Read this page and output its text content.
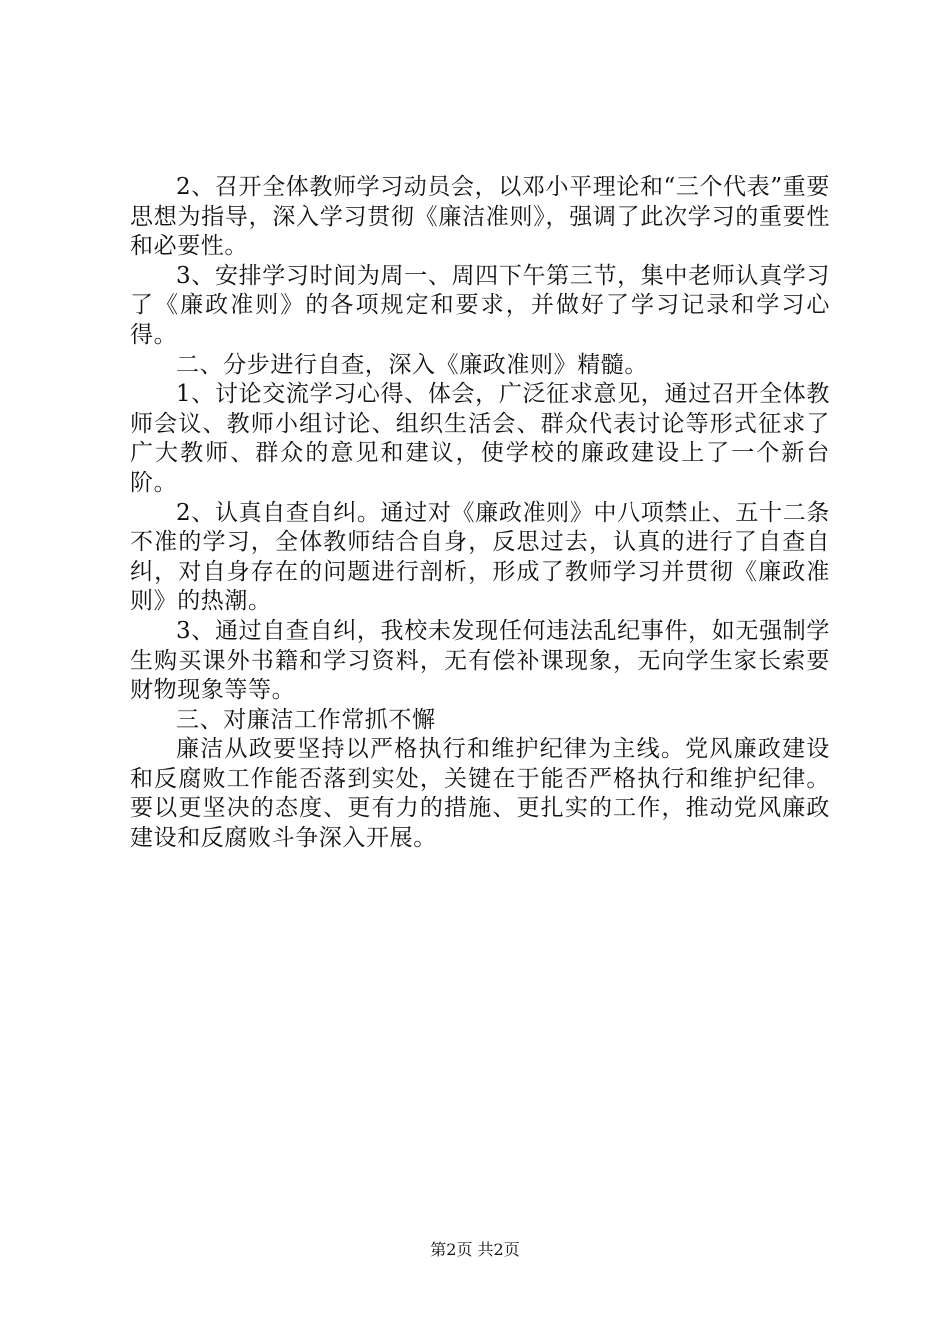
2、召开全体教师学习动员会，以邓小平理论和“三个代表”重要思想为指导，深入学习贯彻《廉洁准则》，强调了此次学习的重要性和必要性。

3、安排学习时间为周一、周四下午第三节，集中老师认真学习了《廉政准则》的各项规定和要求，并做好了学习记录和学习心得。

二、分步进行自查，深入《廉政准则》精髓。

1、讨论交流学习心得、体会，广泛征求意见，通过召开全体教师会议、教师小组讨论、组织生活会、群众代表讨论等形式征求了广大教师、群众的意见和建议，使学校的廉政建设上了一个新台阶。

2、认真自查自纠。通过对《廉政准则》中八项禁止、五十二条不准的学习，全体教师结合自身，反思过去，认真的进行了自查自纠，对自身存在的问题进行剖析，形成了教师学习并贯彻《廉政准则》的热潮。

3、通过自查自纠，我校未发现任何违法乱纪事件，如无强制学生购买课外书籍和学习资料，无有偿补课现象，无向学生家长索要财物现象等等。

三、对廉洁工作常抓不懈

廉洁从政要坚持以严格执行和维护纪律为主线。党风廉政建设和反腐败工作能否落到实处，关键在于能否严格执行和维护纪律。要以更坚决的态度、更有力的措施、更扎实的工作，推动党风廉政建设和反腐败斗争深入开展。

第2页 共2页
